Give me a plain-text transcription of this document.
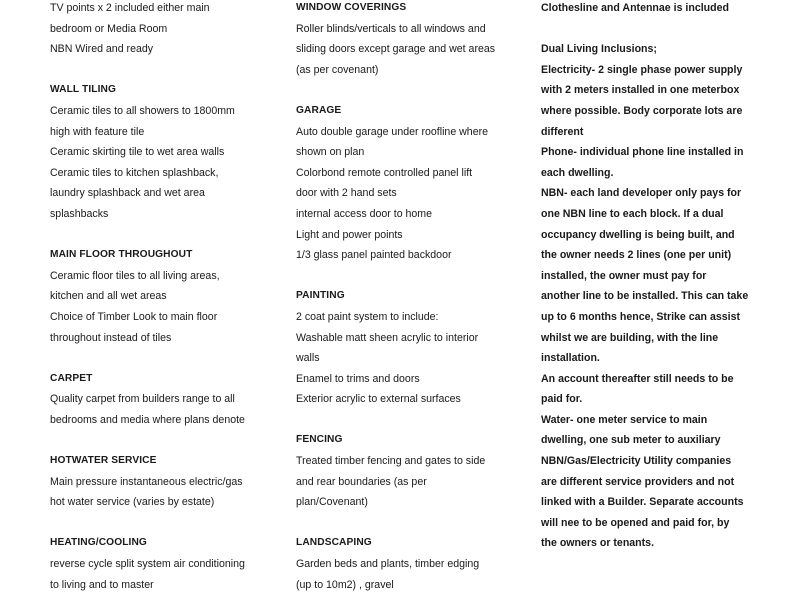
TV points x 2 included either main
bedroom or Media Room
NBN Wired and ready
WALL TILING
Ceramic tiles to all showers to 1800mm
high with feature tile
Ceramic skirting tile to wet area walls
Ceramic tiles to kitchen splashback,
laundry splashback and wet area
splashbacks
MAIN FLOOR THROUGHOUT
Ceramic floor tiles to all living areas,
kitchen and all wet areas
Choice of Timber Look to main floor
throughout instead of tiles
CARPET
Quality carpet from builders range to all
bedrooms and media where plans denote
HOTWATER SERVICE
Main pressure instantaneous electric/gas
hot water service (varies by estate)
HEATING/COOLING
reverse cycle split system air conditioning
to living and to master
WINDOW COVERINGS
Roller blinds/verticals to all windows and
sliding doors except garage and wet areas
(as per covenant)
GARAGE
Auto double garage under roofline where
shown on plan
Colorbond remote controlled panel lift
door with 2 hand sets
internal access door to home
Light and power points
1/3 glass panel painted backdoor
PAINTING
2 coat paint system to include:
Washable matt sheen acrylic to interior
walls
Enamel to trims and doors
Exterior acrylic to external surfaces
FENCING
Treated timber fencing and gates to side
and rear boundaries (as per
plan/Covenant)
LANDSCAPING
Garden beds and plants, timber edging
(up to 10m2) , gravel
Clothesline and Antennae is included
Dual Living Inclusions;
Electricity- 2 single phase power supply
with 2 meters installed in one meterbox
where possible. Body corporate lots are
different
Phone- individual phone line installed in
each dwelling.
NBN- each land developer only pays for
one NBN line to each block. If a dual
occupancy dwelling is being built, and
the owner needs 2 lines (one per unit)
installed, the owner must pay for
another line to be installed. This can take
up to 6 months hence, Strike can assist
whilst we are building, with the line
installation.
An account thereafter still needs to be
paid for.
Water- one meter service to main
dwelling, one sub meter to auxiliary
NBN/Gas/Electricity Utility companies
are different service providers and not
linked with a Builder. Separate accounts
will nee to be opened and paid for, by
the owners or tenants.
